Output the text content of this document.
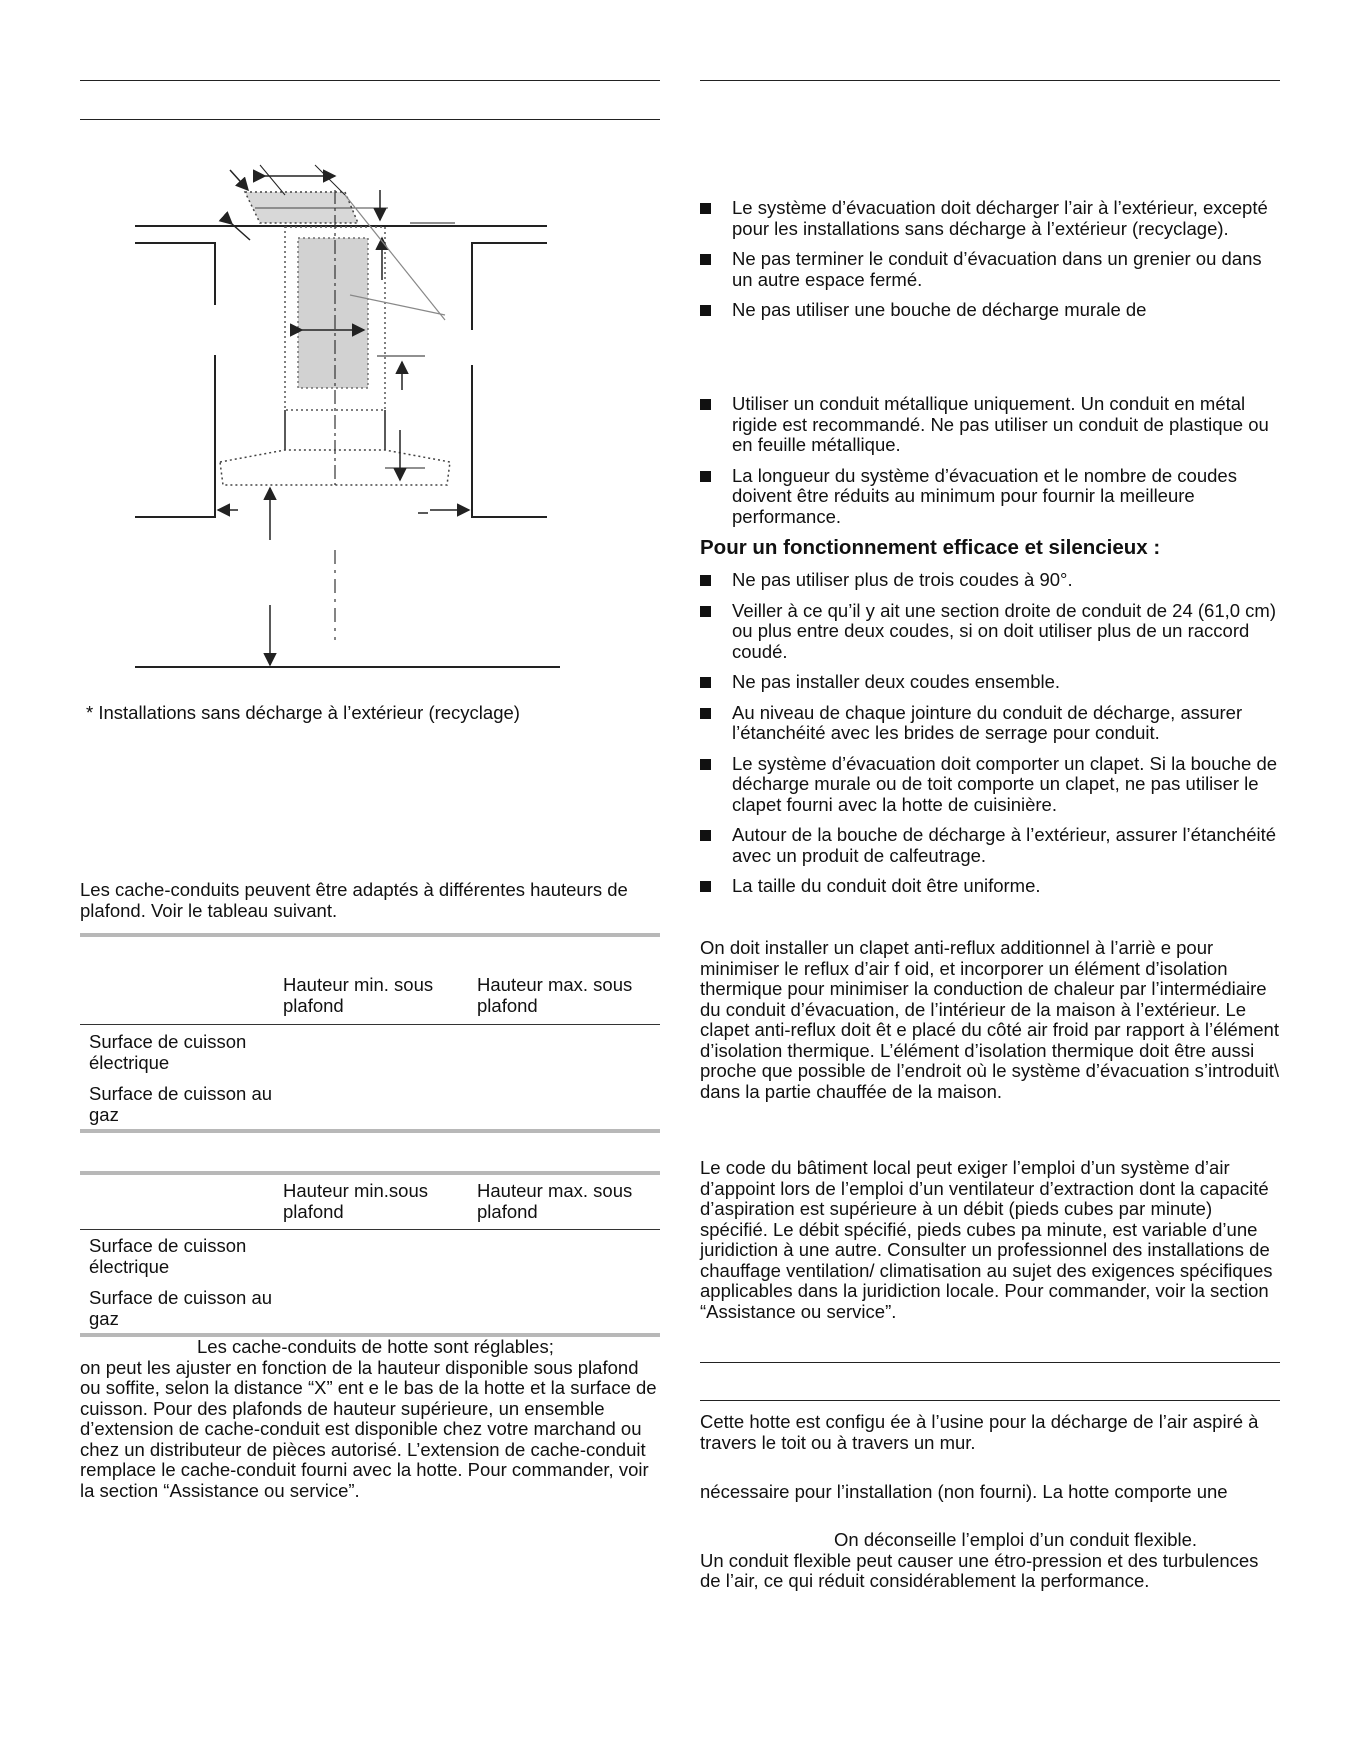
* Installations sans décharge à l’extérieur (recyclage)

Les cache-conduits peuvent être adaptés à différentes hauteurs de plafond. Voir le tableau suivant.

	Hauteur min. sous plafond	Hauteur max. sous plafond
Surface de cuisson électrique		
Surface de cuisson au gaz		
	Hauteur min.sous plafond	Hauteur max. sous plafond
Surface de cuisson électrique		
Surface de cuisson au gaz		

Les cache-conduits de hotte sont réglables;
on peut les ajuster en fonction de la hauteur disponible sous plafond ou soffite, selon la distance “X” ent e le bas de la hotte et la surface de cuisson. Pour des plafonds de hauteur supérieure, un ensemble d’extension de cache-conduit est disponible chez votre marchand ou chez un distributeur de pièces autorisé. L’extension de cache-conduit remplace le cache-conduit fourni avec la hotte. Pour commander, voir la section “Assistance ou service”.

Le système d’évacuation doit décharger l’air à l’extérieur, excepté pour les installations sans décharge à l’extérieur (recyclage).
Ne pas terminer le conduit d’évacuation dans un grenier ou dans un autre espace fermé.
Ne pas utiliser une bouche de décharge murale de
Utiliser un conduit métallique uniquement. Un conduit en métal rigide est recommandé. Ne pas utiliser un conduit de plastique ou en feuille métallique.
La longueur du système d’évacuation et le nombre de coudes doivent être réduits au minimum pour fournir la meilleure performance.

Pour un fonctionnement efficace et silencieux :

Ne pas utiliser plus de trois coudes à 90°.
Veiller à ce qu’il y ait une section droite de conduit de 24 (61,0 cm) ou plus entre deux coudes, si on doit utiliser plus de un raccord coudé.
Ne pas installer deux coudes ensemble.
Au niveau de chaque jointure du conduit de décharge, assurer l’étanchéité avec les brides de serrage pour conduit.
Le système d’évacuation doit comporter un clapet. Si la bouche de décharge murale ou de toit comporte un clapet, ne pas utiliser le clapet fourni avec la hotte de cuisinière.
Autour de la bouche de décharge à l’extérieur, assurer l’étanchéité avec un produit de calfeutrage.
La taille du conduit doit être uniforme.

On doit installer un clapet anti-reflux additionnel à l’arriè e pour minimiser le reflux d’air f oid, et incorporer un élément d’isolation thermique pour minimiser la conduction de chaleur par l’intermédiaire du conduit d’évacuation, de l’intérieur de la maison à l’extérieur. Le clapet anti-reflux doit êt e placé du côté air froid par rapport à l’élément d’isolation thermique. L’élément d’isolation thermique doit être aussi proche que possible de l’endroit où le système d’évacuation s’introduit\ dans la partie chauffée de la maison.

Le code du bâtiment local peut exiger l’emploi d’un système d’air d’appoint lors de l’emploi d’un ventilateur d’extraction dont la capacité d’aspiration est supérieure à un débit (pieds cubes par minute) spécifié. Le débit spécifié, pieds cubes pa minute, est variable d’une juridiction à une autre. Consulter un professionnel des installations de chauffage ventilation/ climatisation au sujet des exigences spécifiques applicables dans la juridiction locale. Pour commander, voir la section “Assistance ou service”.

Cette hotte est configu ée à l’usine pour la décharge de l’air aspiré à travers le toit ou à travers un mur.

nécessaire pour l’installation (non fourni). La hotte comporte une

On déconseille l’emploi d’un conduit flexible.
Un conduit flexible peut causer une étro-pression et des turbulences de l’air, ce qui réduit considérablement la performance.
